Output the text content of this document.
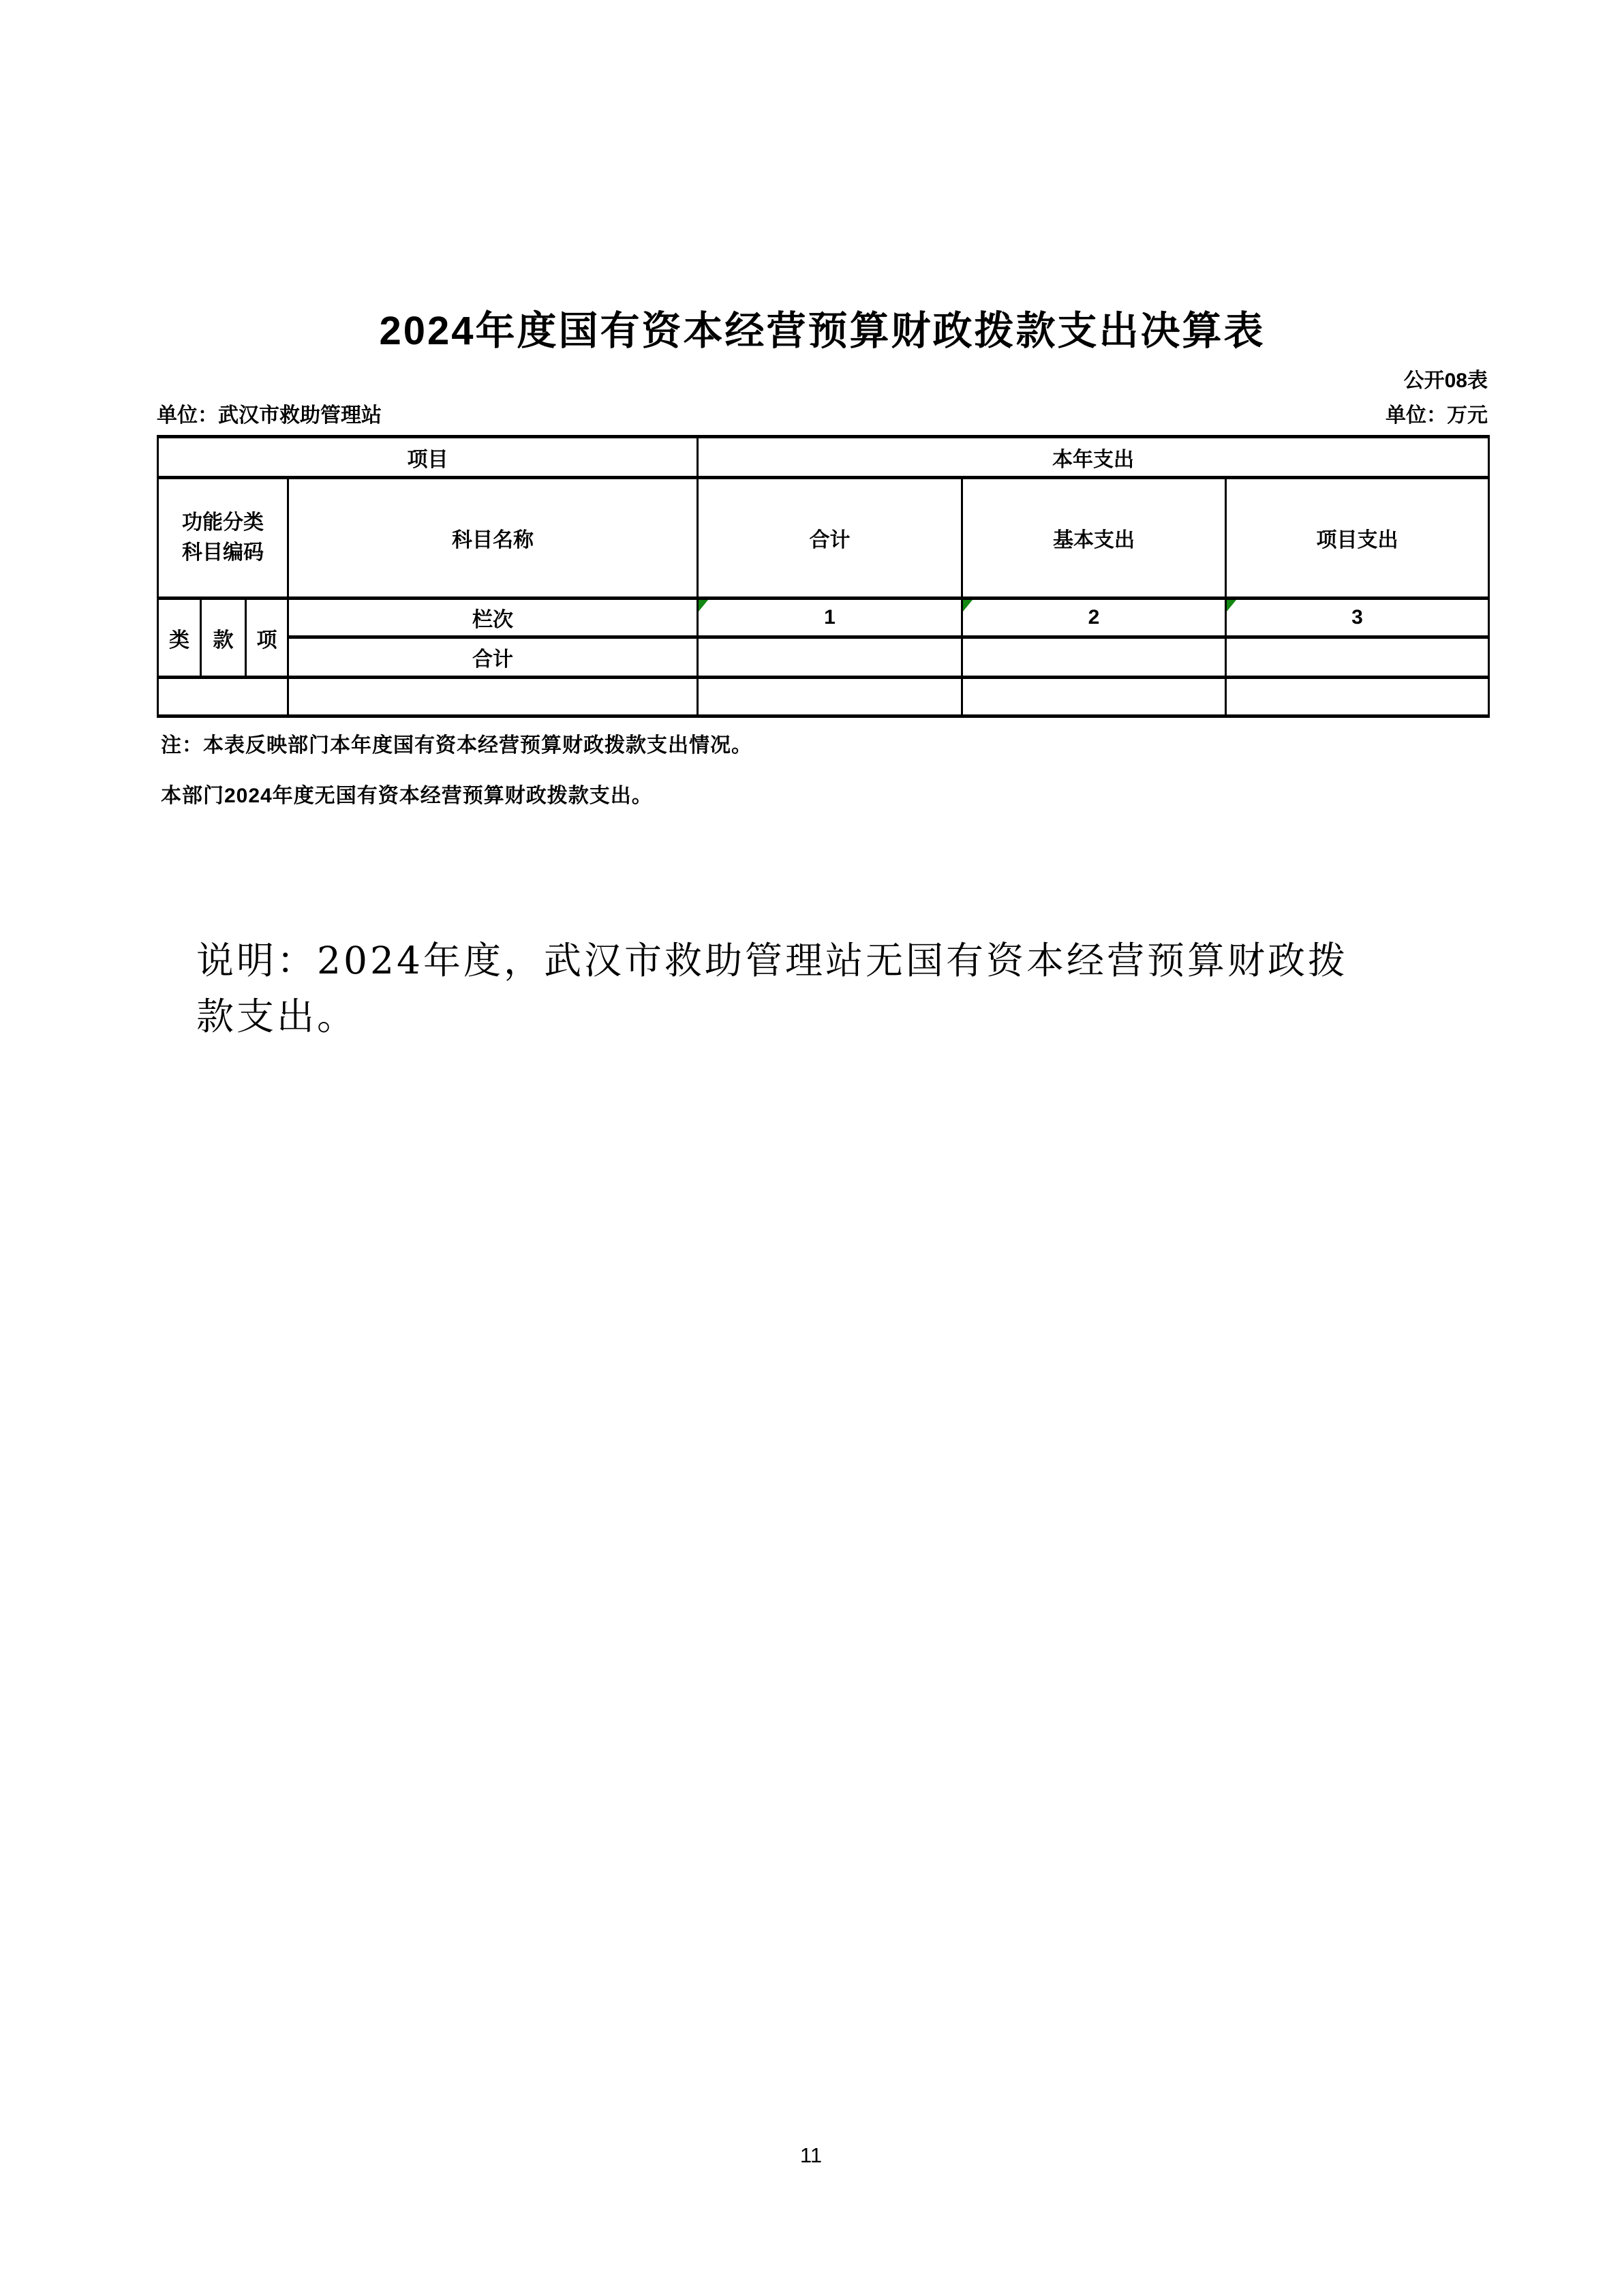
2024年度国有资本经营预算财政拨款支出决算表
公开08表
单位：武汉市救助管理站	单位：万元
项目				本年支出		

功能分类
科目编码			科目名称	合计	基本支出	项目支出
类	款	项	栏次	1	2	3
			合计			

注：本表反映部门本年度国有资本经营预算财政拨款支出情况。
本部门2024年度无国有资本经营预算财政拨款支出。
说明：2024年度，武汉市救助管理站无国有资本经营预算财政拨
款支出。
11
